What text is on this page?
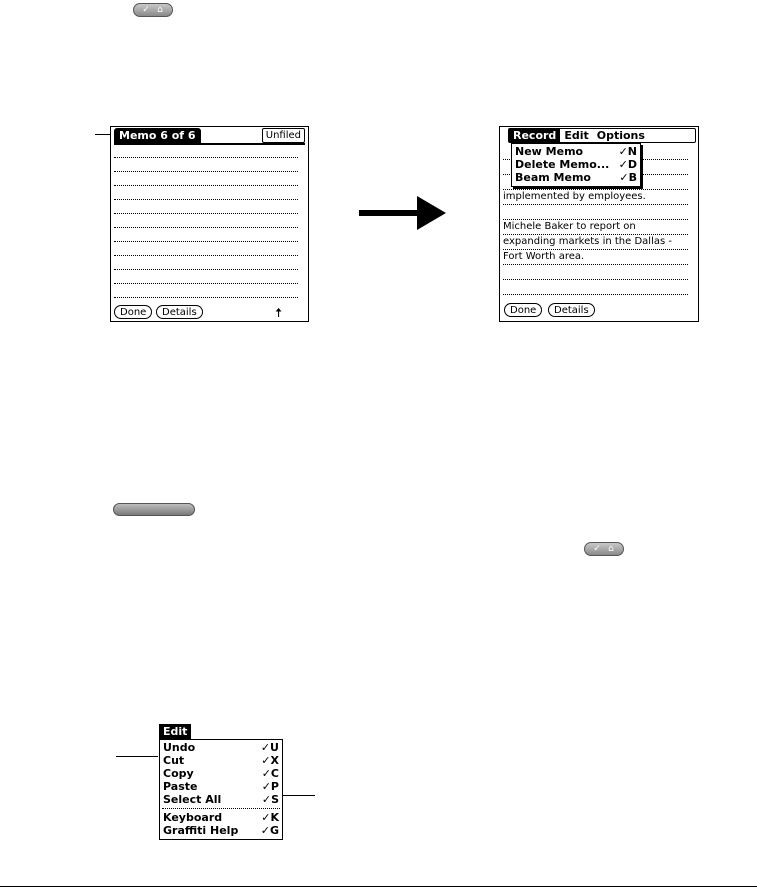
✓ ⌂
Memo 6 of 6	Unfiled
Done	Details	🠅
implemented by employees.
Michele Baker to report on
expanding markets in the Dallas -
Fort Worth area.
Record Edit Options
New Memo	✓N
Delete Memo... ✓D
Beam Memo	✓B
Done	Details
✓ ⌂
Edit
Undo	✓U
Cut	✓X
Copy	✓C
Paste	✓P
Select All	✓S
Keyboard	✓K
Graffiti Help ✓G
